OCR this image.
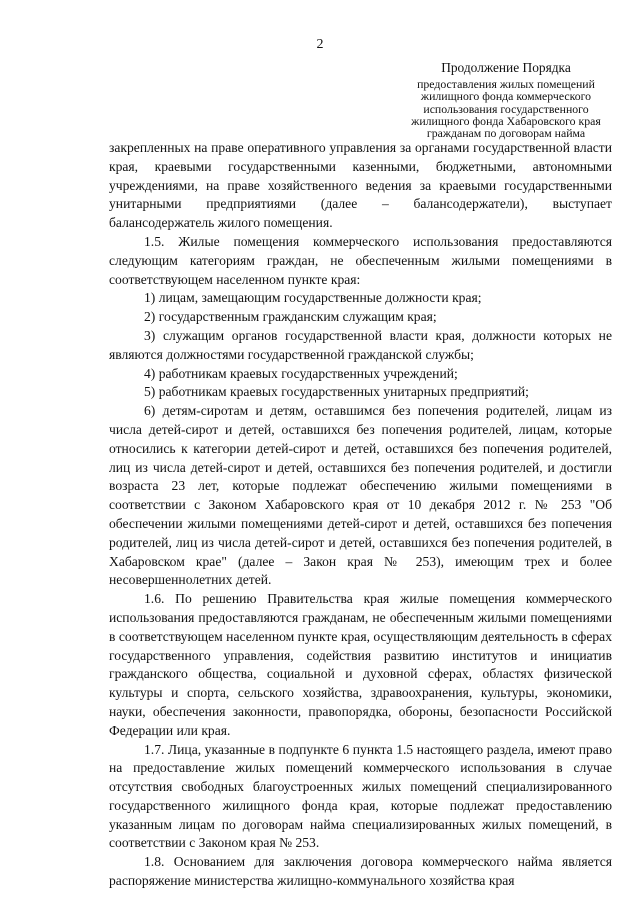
2
Продолжение Порядка
предоставления жилых помещений
жилищного фонда коммерческого
использования государственного
жилищного фонда Хабаровского края
гражданам по договорам найма

закрепленных на праве оперативного управления за органами государственной власти края, краевыми государственными казенными, бюджетными, автономными учреждениями, на праве хозяйственного ведения за краевыми государственными унитарными предприятиями (далее – балансодержатели), выступает балансодержатель жилого помещения.

1.5. Жилые помещения коммерческого использования предоставляются следующим категориям граждан, не обеспеченным жилыми помещениями в соответствующем населенном пункте края:

1) лицам, замещающим государственные должности края;

2) государственным гражданским служащим края;

3) служащим органов государственной власти края, должности которых не являются должностями государственной гражданской службы;

4) работникам краевых государственных учреждений;

5) работникам краевых государственных унитарных предприятий;

6) детям-сиротам и детям, оставшимся без попечения родителей, лицам из числа детей-сирот и детей, оставшихся без попечения родителей, лицам, которые относились к категории детей-сирот и детей, оставшихся без попечения родителей, лиц из числа детей-сирот и детей, оставшихся без попечения родителей, и достигли возраста 23 лет, которые подлежат обеспечению жилыми помещениями в соответствии с Законом Хабаровского края от 10 декабря 2012 г. № 253 "Об обеспечении жилыми помещениями детей-сирот и детей, оставшихся без попечения родителей, лиц из числа детей-сирот и детей, оставшихся без попечения родителей, в Хабаровском крае" (далее – Закон края № 253), имеющим трех и более несовершеннолетних детей.

1.6. По решению Правительства края жилые помещения коммерческого использования предоставляются гражданам, не обеспеченным жилыми помещениями в соответствующем населенном пункте края, осуществляющим деятельность в сферах государственного управления, содействия развитию институтов и инициатив гражданского общества, социальной и духовной сферах, областях физической культуры и спорта, сельского хозяйства, здравоохранения, культуры, экономики, науки, обеспечения законности, правопорядка, обороны, безопасности Российской Федерации или края.

1.7. Лица, указанные в подпункте 6 пункта 1.5 настоящего раздела, имеют право на предоставление жилых помещений коммерческого использования в случае отсутствия свободных благоустроенных жилых помещений специализированного государственного жилищного фонда края, которые подлежат предоставлению указанным лицам по договорам найма специализированных жилых помещений, в соответствии с Законом края № 253.

1.8. Основанием для заключения договора коммерческого найма является распоряжение министерства жилищно-коммунального хозяйства края
